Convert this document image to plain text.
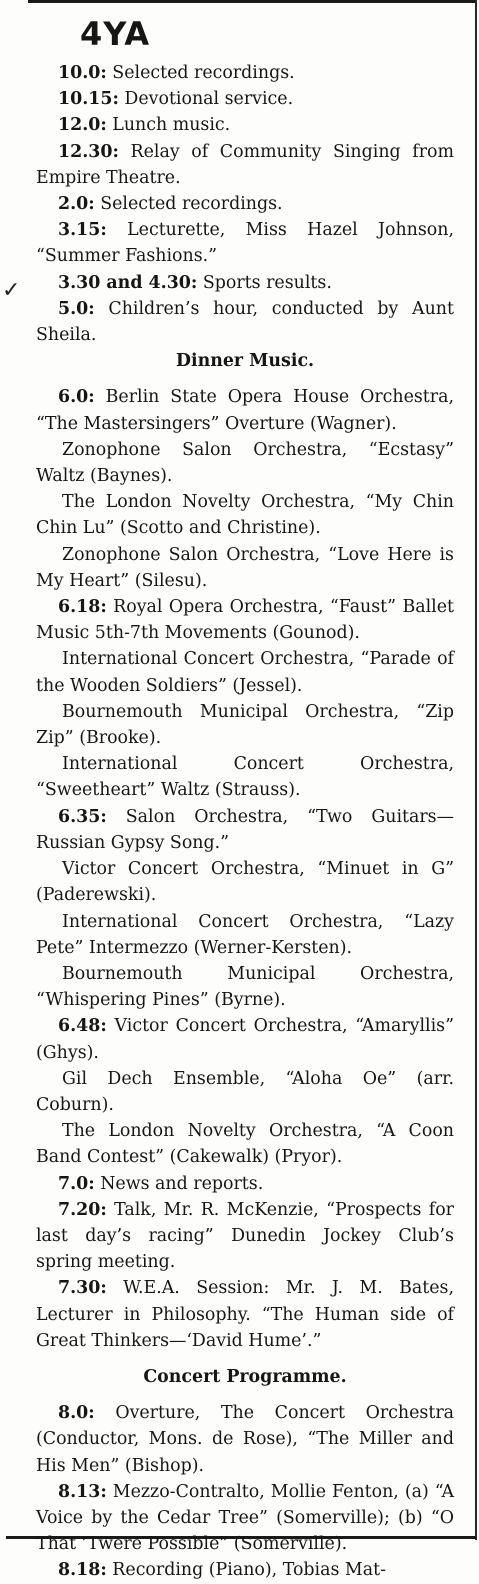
4YA
✓

10.0: Selected recordings.

10.15: Devotional service.

12.0: Lunch music.

12.30: Relay of Community Singing from Empire Theatre.

2.0: Selected recordings.

3.15: Lecturette, Miss Hazel Johnson, “Summer Fashions.”

3.30 and 4.30: Sports results.

5.0: Children’s hour, conducted by Aunt Sheila.

Dinner Music.

6.0: Berlin State Opera House Orchestra, “The Mastersingers” Overture (Wagner).

Zonophone Salon Orchestra, “Ecstasy” Waltz (Baynes).

The London Novelty Orchestra, “My Chin Chin Lu” (Scotto and Christine).

Zonophone Salon Orchestra, “Love Here is My Heart” (Silesu).

6.18: Royal Opera Orchestra, “Faust” Ballet Music 5th-7th Movements (Gounod).

International Concert Orchestra, “Parade of the Wooden Soldiers” (Jessel).

Bournemouth Municipal Orchestra, “Zip Zip” (Brooke).

International Concert Orchestra, “Sweetheart” Waltz (Strauss).

6.35: Salon Orchestra, “Two Guitars—Russian Gypsy Song.”

Victor Concert Orchestra, “Minuet in G” (Paderewski).

International Concert Orchestra, “Lazy Pete” Intermezzo (Werner-Kersten).

Bournemouth Municipal Orchestra, “Whispering Pines” (Byrne).

6.48: Victor Concert Orchestra, “Amaryllis” (Ghys).

Gil Dech Ensemble, “Aloha Oe” (arr. Coburn).

The London Novelty Orchestra, “A Coon Band Contest” (Cakewalk) (Pryor).

7.0: News and reports.

7.20: Talk, Mr. R. McKenzie, “Prospects for last day’s racing” Dunedin Jockey Club’s spring meeting.

7.30: W.E.A. Session: Mr. J. M. Bates, Lecturer in Philosophy. “The Human side of Great Thinkers—‘David Hume’.”

Concert Programme.

8.0: Overture, The Concert Orchestra (Conductor, Mons. de Rose), “The Miller and His Men” (Bishop).

8.13: Mezzo-Contralto, Mollie Fenton, (a) “A Voice by the Cedar Tree” (Somerville); (b) “O That ’Twere Possible” (Somerville).

8.18: Recording (Piano), Tobias Mat-
